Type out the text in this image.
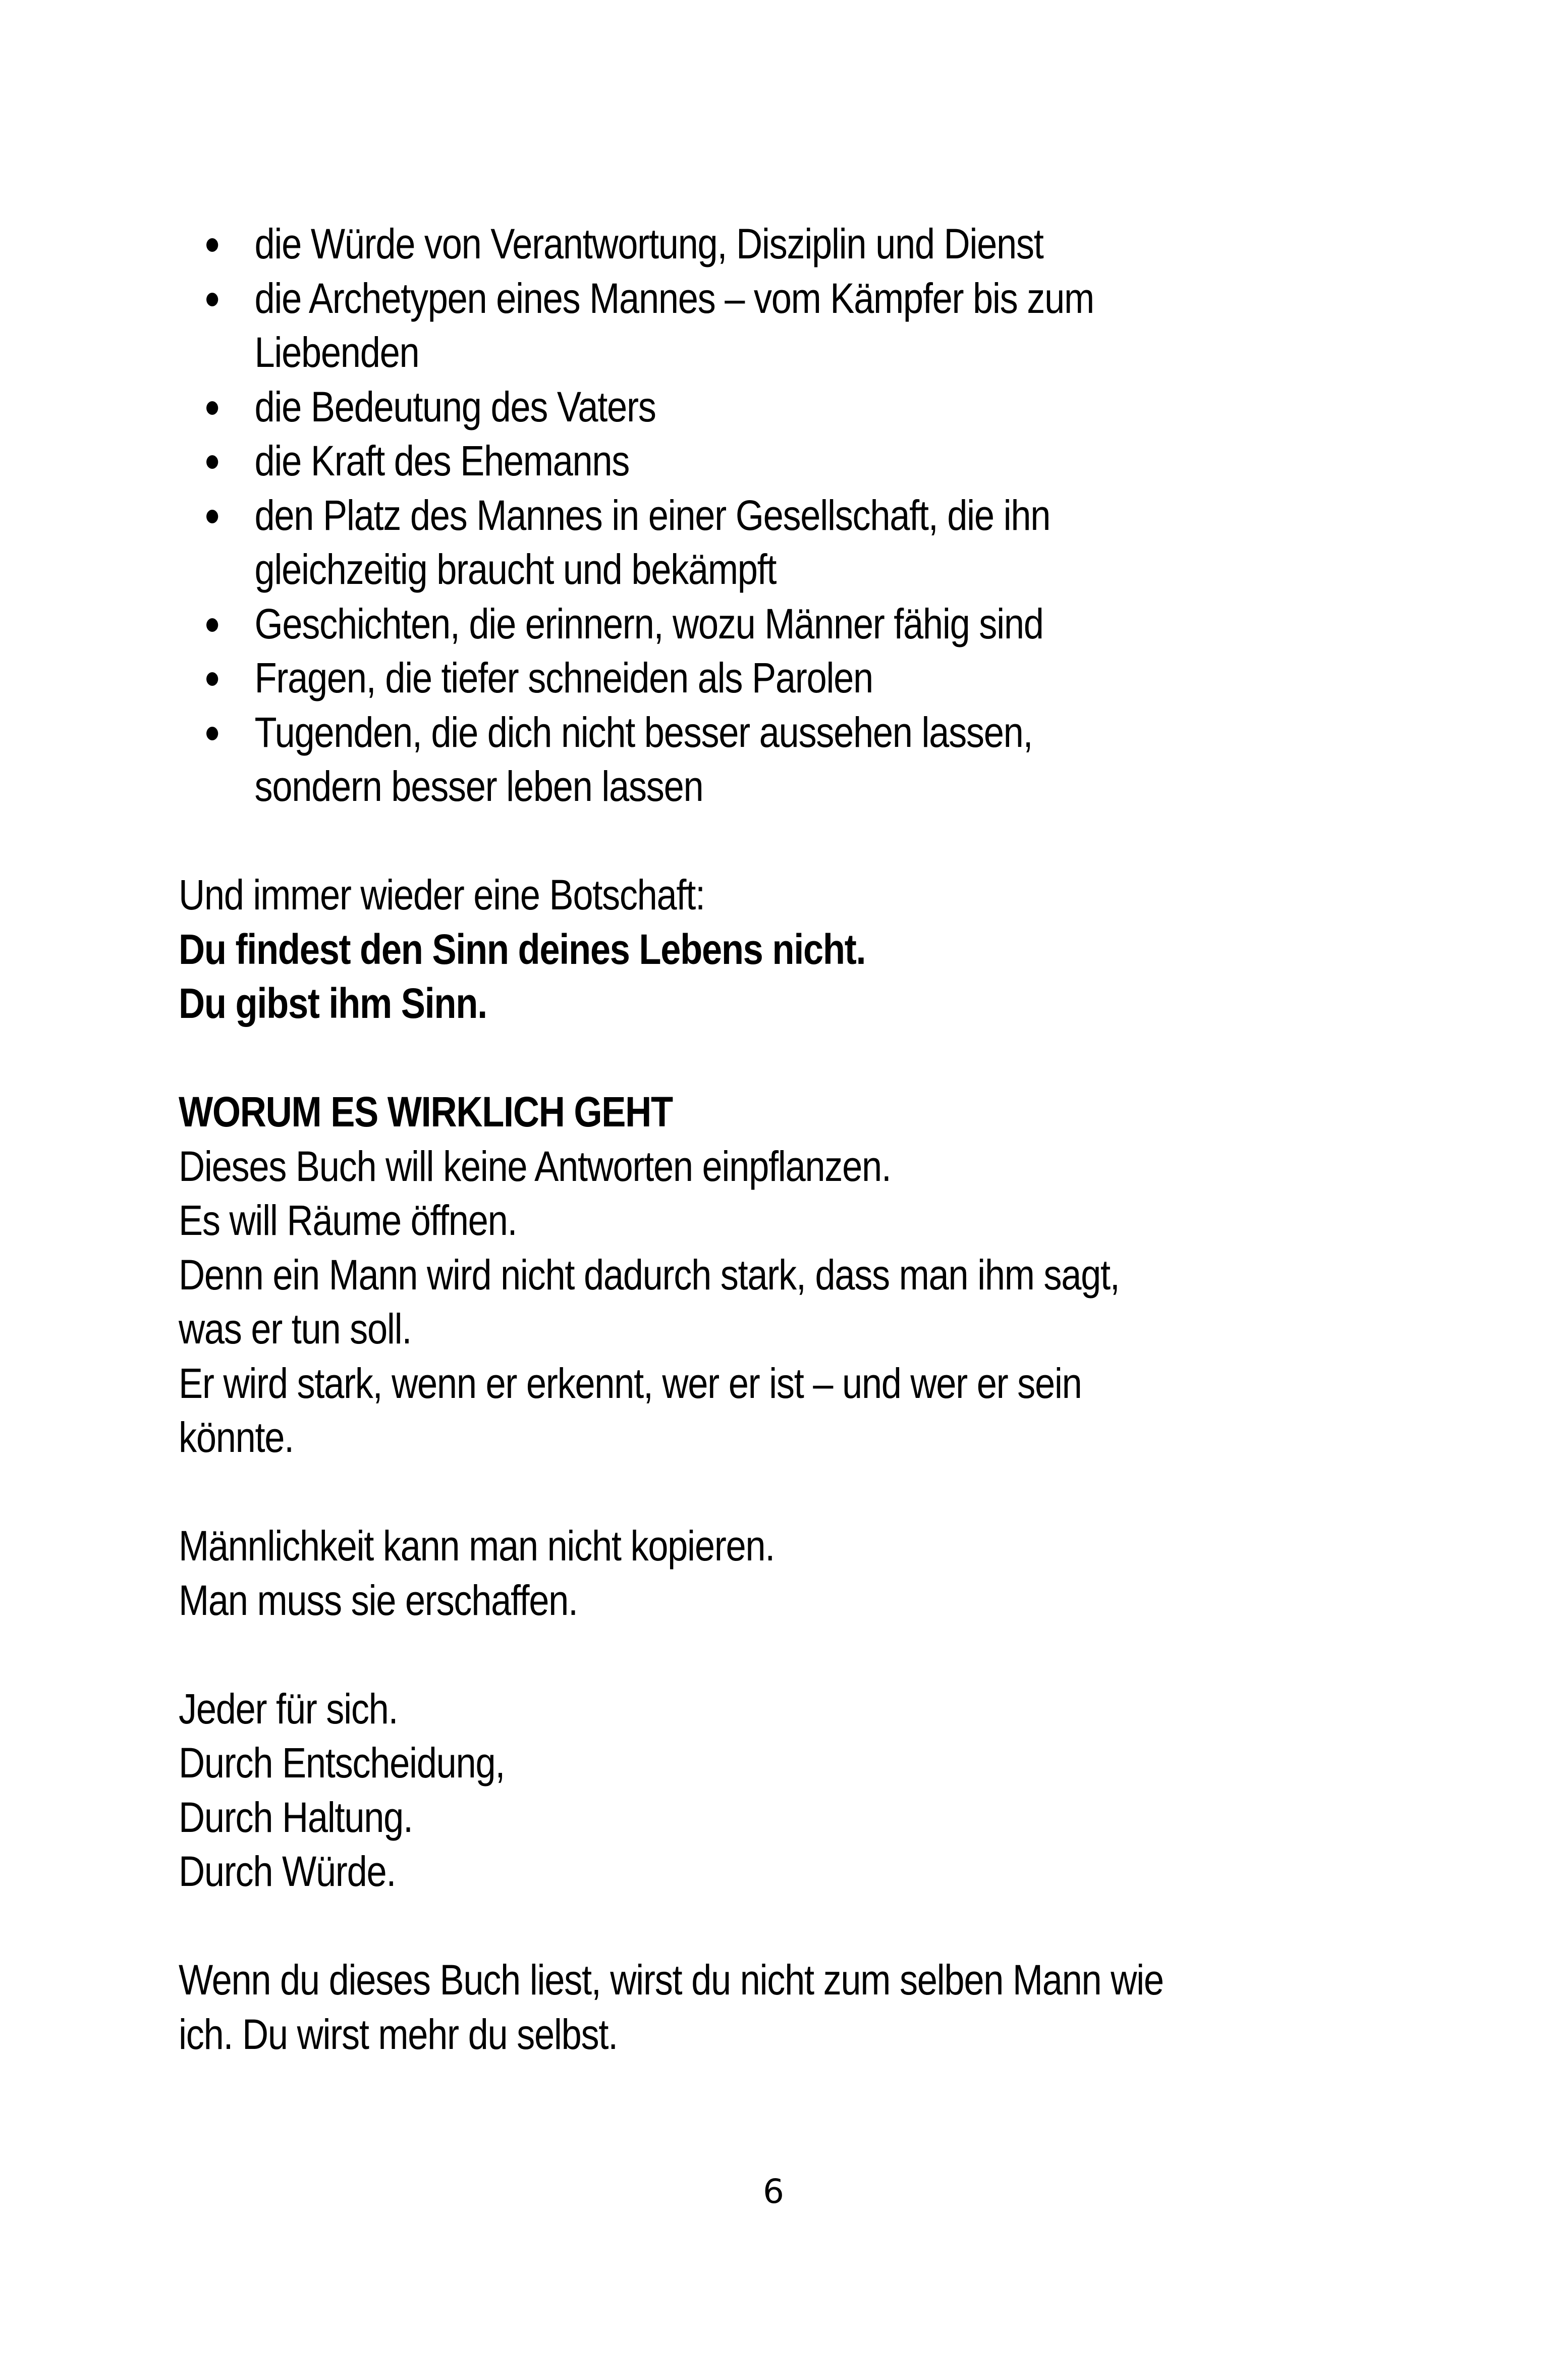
die Würde von Verantwortung, Disziplin und Dienst
die Archetypen eines Mannes – vom Kämpfer bis zum
Liebenden
die Bedeutung des Vaters
die Kraft des Ehemanns
den Platz des Mannes in einer Gesellschaft, die ihn
gleichzeitig braucht und bekämpft
Geschichten, die erinnern, wozu Männer fähig sind
Fragen, die tiefer schneiden als Parolen
Tugenden, die dich nicht besser aussehen lassen,
sondern besser leben lassen
Und immer wieder eine Botschaft:
Du findest den Sinn deines Lebens nicht.
Du gibst ihm Sinn.
WORUM ES WIRKLICH GEHT
Dieses Buch will keine Antworten einpflanzen.
Es will Räume öffnen.
Denn ein Mann wird nicht dadurch stark, dass man ihm sagt,
was er tun soll.
Er wird stark, wenn er erkennt, wer er ist – und wer er sein
könnte.
Männlichkeit kann man nicht kopieren.
Man muss sie erschaffen.
Jeder für sich.
Durch Entscheidung,
Durch Haltung.
Durch Würde.
Wenn du dieses Buch liest, wirst du nicht zum selben Mann wie
ich. Du wirst mehr du selbst.
6
